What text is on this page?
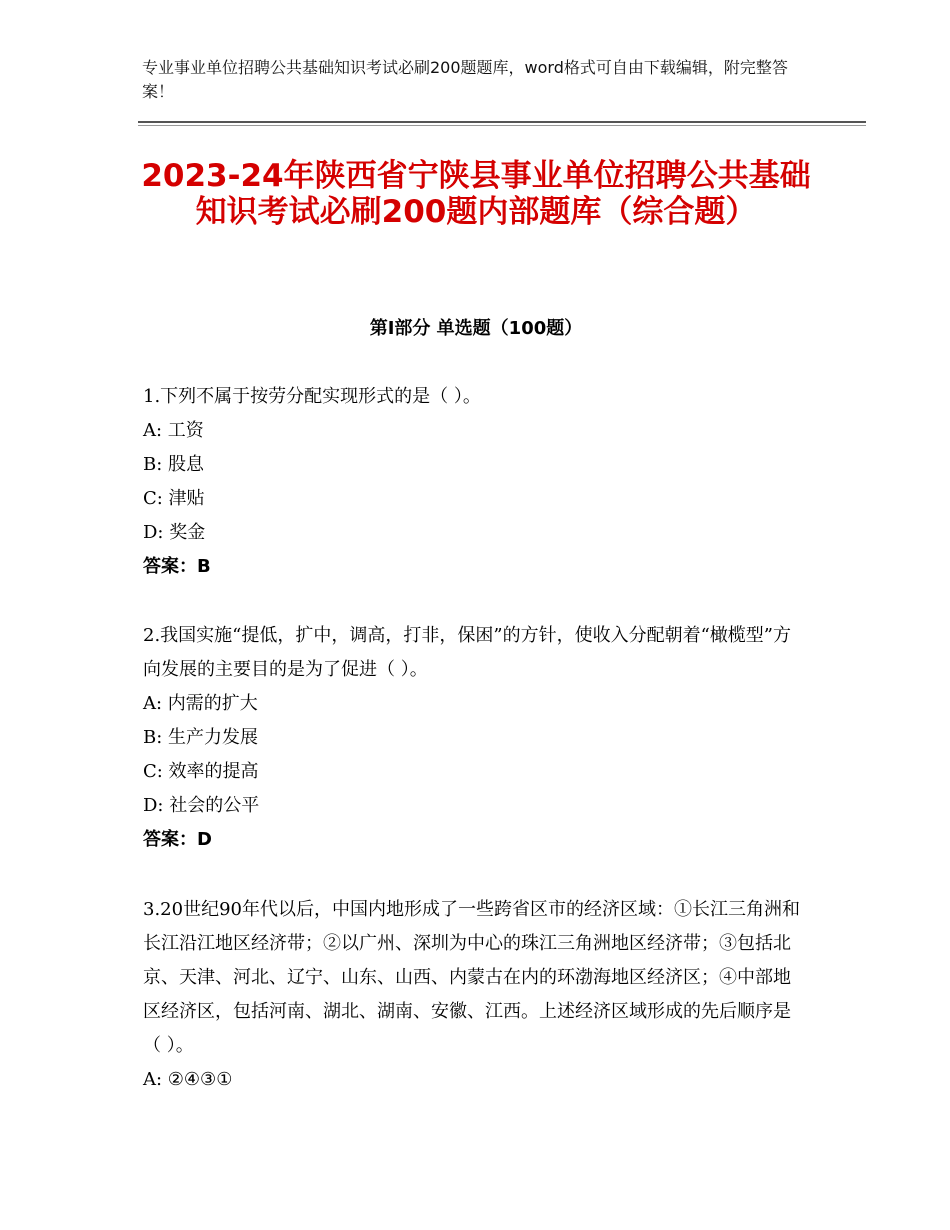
专业事业单位招聘公共基础知识考试必刷200题题库，word格式可自由下载编辑，附完整答案！
2023-24年陕西省宁陕县事业单位招聘公共基础知识考试必刷200题内部题库（综合题）
第Ⅰ部分 单选题（100题）

1.下列不属于按劳分配实现形式的是（ ）。

A: 工资

B: 股息

C: 津贴

D: 奖金

答案：B

2.我国实施“提低，扩中，调高，打非，保困”的方针，使收入分配朝着“橄榄型”方向发展的主要目的是为了促进（ ）。

A: 内需的扩大

B: 生产力发展

C: 效率的提高

D: 社会的公平

答案：D

3.20世纪90年代以后，中国内地形成了一些跨省区市的经济区域：①长江三角洲和长江沿江地区经济带；②以广州、深圳为中心的珠江三角洲地区经济带；③包括北京、天津、河北、辽宁、山东、山西、内蒙古在内的环渤海地区经济区；④中部地区经济区，包括河南、湖北、湖南、安徽、江西。上述经济区域形成的先后顺序是（ ）。

A: ②④③①
